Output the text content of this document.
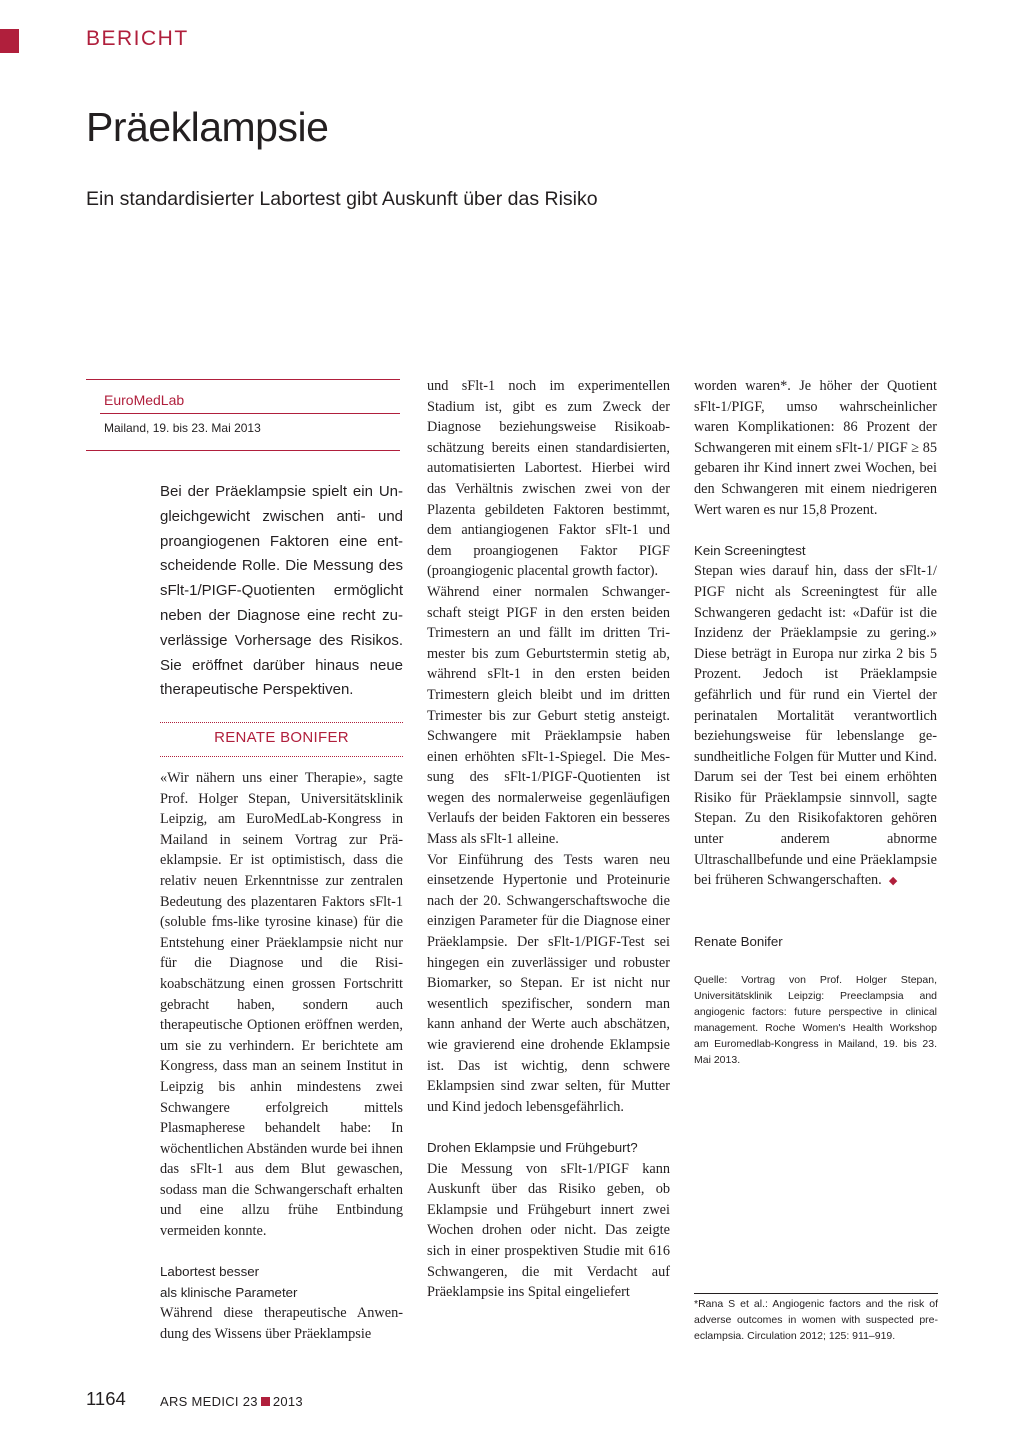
BERICHT
Präeklampsie
Ein standardisierter Labortest gibt Auskunft über das Risiko
EuroMedLab
Mailand, 19. bis 23. Mai 2013
Bei der Präeklampsie spielt ein Ungleichgewicht zwischen anti- und proangiogenen Faktoren eine entscheidende Rolle. Die Messung des sFlt-1/PIGF-Quotienten ermöglicht neben der Diagnose eine recht zuverlässige Vorhersage des Risikos. Sie eröffnet darüber hinaus neue therapeutische Perspektiven.
RENATE BONIFER

«Wir nähern uns einer Therapie», sagte Prof. Holger Stepan, Universitätsklinik Leipzig, am EuroMedLab-Kongress in Mailand in seinem Vortrag zur Präeklampsie. Er ist optimistisch, dass die relativ neuen Erkenntnisse zur zentralen Bedeutung des plazentaren Faktors sFlt-1 (soluble fms-like tyrosine kinase) für die Entstehung einer Präeklampsie nicht nur für die Diagnose und die Risikoabschätzung einen grossen Fortschritt gebracht haben, sondern auch therapeutische Optionen eröffnen werden, um sie zu verhindern. Er berichtete am Kongress, dass man an seinem Institut in Leipzig bis anhin mindestens zwei Schwangere erfolgreich mittels Plasmapherese behandelt habe: In wöchentlichen Abständen wurde bei ihnen das sFlt-1 aus dem Blut gewaschen, sodass man die Schwangerschaft erhalten und eine allzu frühe Entbindung vermeiden konnte.

Labortest besser
als klinische Parameter

Während diese therapeutische Anwendung des Wissens über Präeklampsie

und sFlt-1 noch im experimentellen Stadium ist, gibt es zum Zweck der Diagnose beziehungsweise Risikoabschätzung bereits einen standardisierten, automatisierten Labortest. Hierbei wird das Verhältnis zwischen zwei von der Plazenta gebildeten Faktoren bestimmt, dem antiangiogenen Faktor sFlt-1 und dem proangiogenen Faktor PIGF (proangiogenic placental growth factor).

Während einer normalen Schwangerschaft steigt PIGF in den ersten beiden Trimestern an und fällt im dritten Trimester bis zum Geburtstermin stetig ab, während sFlt-1 in den ersten beiden Trimestern gleich bleibt und im dritten Trimester bis zur Geburt stetig ansteigt. Schwangere mit Präeklampsie haben einen erhöhten sFlt-1-Spiegel. Die Messung des sFlt-1/PIGF-Quotienten ist wegen des normalerweise gegenläufigen Verlaufs der beiden Faktoren ein besseres Mass als sFlt-1 alleine.

Vor Einführung des Tests waren neu einsetzende Hypertonie und Proteinurie nach der 20. Schwangerschaftswoche die einzigen Parameter für die Diagnose einer Präeklampsie. Der sFlt-1/PIGF-Test sei hingegen ein zuverlässiger und robuster Biomarker, so Stepan. Er ist nicht nur wesentlich spezifischer, sondern man kann anhand der Werte auch abschätzen, wie gravierend eine drohende Eklampsie ist. Das ist wichtig, denn schwere Eklampsien sind zwar selten, für Mutter und Kind jedoch lebensgefährlich.

Drohen Eklampsie und Frühgeburt?

Die Messung von sFlt-1/PIGF kann Auskunft über das Risiko geben, ob Eklampsie und Frühgeburt innert zwei Wochen drohen oder nicht. Das zeigte sich in einer prospektiven Studie mit 616 Schwangeren, die mit Verdacht auf Präeklampsie ins Spital eingeliefert

worden waren*. Je höher der Quotient sFlt-1/PIGF, umso wahrscheinlicher waren Komplikationen: 86 Prozent der Schwangeren mit einem sFlt-1/ PIGF ≥ 85 gebaren ihr Kind innert zwei Wochen, bei den Schwangeren mit einem niedrigeren Wert waren es nur 15,8 Prozent.

Kein Screeningtest

Stepan wies darauf hin, dass der sFlt-1/ PIGF nicht als Screeningtest für alle Schwangeren gedacht ist: «Dafür ist die Inzidenz der Präeklampsie zu gering.» Diese beträgt in Europa nur zirka 2 bis 5 Prozent. Jedoch ist Präeklampsie gefährlich und für rund ein Viertel der perinatalen Mortalität verantwortlich beziehungsweise für lebenslange gesundheitliche Folgen für Mutter und Kind. Darum sei der Test bei einem erhöhten Risiko für Präeklampsie sinnvoll, sagte Stepan. Zu den Risikofaktoren gehören unter anderem abnorme Ultraschallbefunde und eine Präeklampsie bei früheren Schwangerschaften. ◆

Renate Bonifer
Quelle: Vortrag von Prof. Holger Stepan, Universitätsklinik Leipzig: Preeclampsia and angiogenic factors: future perspective in clinical management. Roche Women's Health Workshop am Euromedlab-Kongress in Mailand, 19. bis 23. Mai 2013.
*Rana S et al.: Angiogenic factors and the risk of adverse outcomes in women with suspected preeclampsia. Circulation 2012; 125: 911–919.
1164	ARS MEDICI 23 2013
